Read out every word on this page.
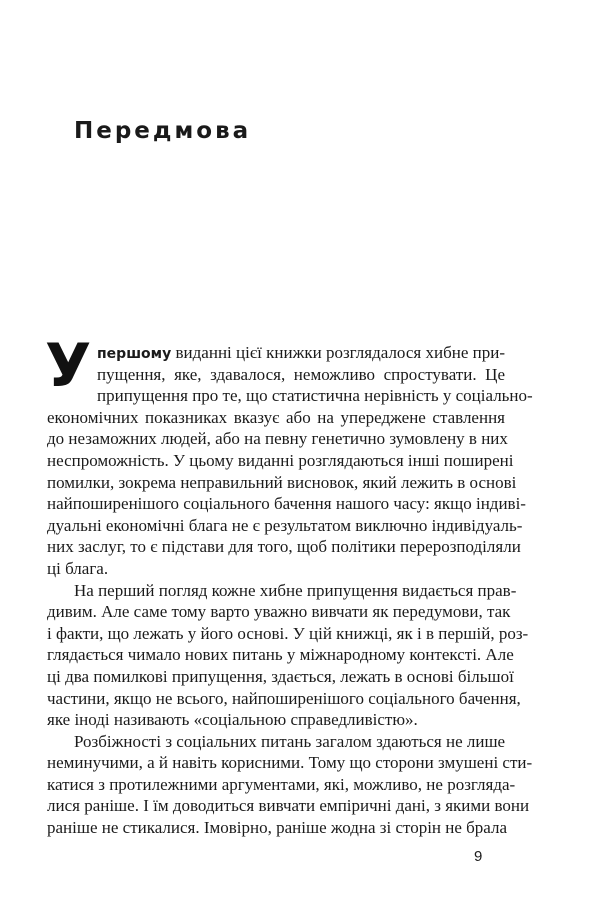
Передмова
У першому виданні цієї книжки розглядалося хибне при-
пущення, яке, здавалося, неможливо спростувати. Це
припущення про те, що статистична нерівність у соціально-
економічних показниках вказує або на упереджене ставлення
до незаможних людей, або на певну генетично зумовлену в них
неспроможність. У цьому виданні розглядаються інші поширені
помилки, зокрема неправильний висновок, який лежить в основі
найпоширенішого соціального бачення нашого часу: якщо індиві-
дуальні економічні блага не є результатом виключно індивідуаль-
них заслуг, то є підстави для того, щоб політики перерозподіляли
ці блага.
На перший погляд кожне хибне припущення видається прав-
дивим. Але саме тому варто уважно вивчати як передумови, так
і факти, що лежать у його основі. У цій книжці, як і в першій, роз-
глядається чимало нових питань у міжнародному контексті. Але
ці два помилкові припущення, здається, лежать в основі більшої
частини, якщо не всього, найпоширенішого соціального бачення,
яке іноді називають «соціальною справедливістю».
Розбіжності з соціальних питань загалом здаються не лише
неминучими, а й навіть корисними. Тому що сторони змушені сти-
катися з протилежними аргументами, які, можливо, не розгляда-
лися раніше. І їм доводиться вивчати емпіричні дані, з якими вони
раніше не стикалися. Імовірно, раніше жодна зі сторін не брала
9
